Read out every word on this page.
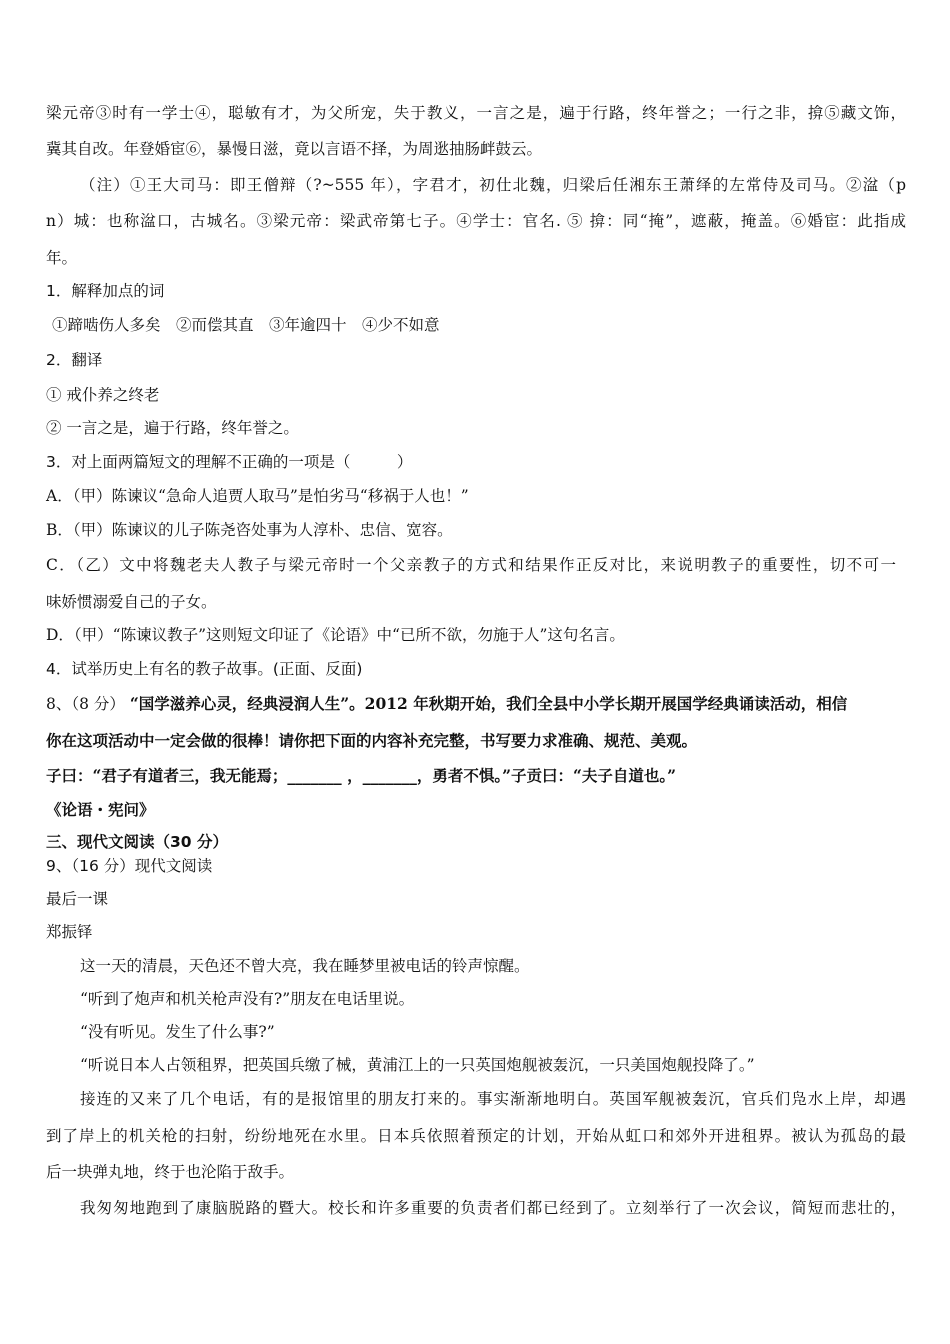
梁元帝③时有一学士④，聪敏有才，为父所宠，失于教义，一言之是，遍于行路，终年誉之；一行之非，揜⑤藏文饰，
冀其自改。年登婚宦⑥，暴慢日滋，竟以言语不择，为周逖抽肠衅鼓云。
（注）①王大司马：即王僧辩（?~555 年），字君才，初仕北魏，归梁后任湘东王萧绎的左常侍及司马。②湓（p
n）城：也称湓口，古城名。③梁元帝：梁武帝第七子。④学士：官名. ⑤ 揜：同“掩”，遮蔽，掩盖。⑥婚宦：此指成
年。
1．解释加点的词
①蹄啮伤人多矣　②而偿其直　③年逾四十　④少不如意
2．翻译
① 戒仆养之终老
② 一言之是，遍于行路，终年誉之。
3．对上面两篇短文的理解不正确的一项是（　　　）
A．（甲）陈谏议“急命人追贾人取马”是怕劣马“移祸于人也！”
B．（甲）陈谏议的儿子陈尧咨处事为人淳朴、忠信、宽容。
C．（乙）文中将魏老夫人教子与梁元帝时一个父亲教子的方式和结果作正反对比，来说明教子的重要性，切不可一
味娇惯溺爱自己的子女。
D．（甲）“陈谏议教子”这则短文印证了《论语》中“已所不欲，勿施于人”这句名言。
4．试举历史上有名的教子故事。(正面、反面)
8、（8 分） “国学滋养心灵，经典浸润人生”。2012 年秋期开始，我们全县中小学长期开展国学经典诵读活动，相信
你在这项活动中一定会做的很棒！请你把下面的内容补充完整，书写要力求准确、规范、美观。
子曰：“君子有道者三，我无能焉；_______ ，_______，勇者不惧。”子贡曰：“夫子自道也。”
《论语・宪问》
三、现代文阅读（30 分）
9、（16 分）现代文阅读
最后一课
郑振铎
这一天的清晨，天色还不曾大亮，我在睡梦里被电话的铃声惊醒。
“听到了炮声和机关枪声没有?”朋友在电话里说。
“没有听见。发生了什么事?”
“听说日本人占领租界，把英国兵缴了械，黄浦江上的一只英国炮舰被轰沉，一只美国炮舰投降了。”
接连的又来了几个电话，有的是报馆里的朋友打来的。事实渐渐地明白。英国军舰被轰沉，官兵们凫水上岸，却遇
到了岸上的机关枪的扫射，纷纷地死在水里。日本兵依照着预定的计划，开始从虹口和郊外开进租界。被认为孤岛的最
后一块弹丸地，终于也沦陷于敌手。
我匆匆地跑到了康脑脱路的暨大。校长和许多重要的负责者们都已经到了。立刻举行了一次会议，简短而悲壮的，
